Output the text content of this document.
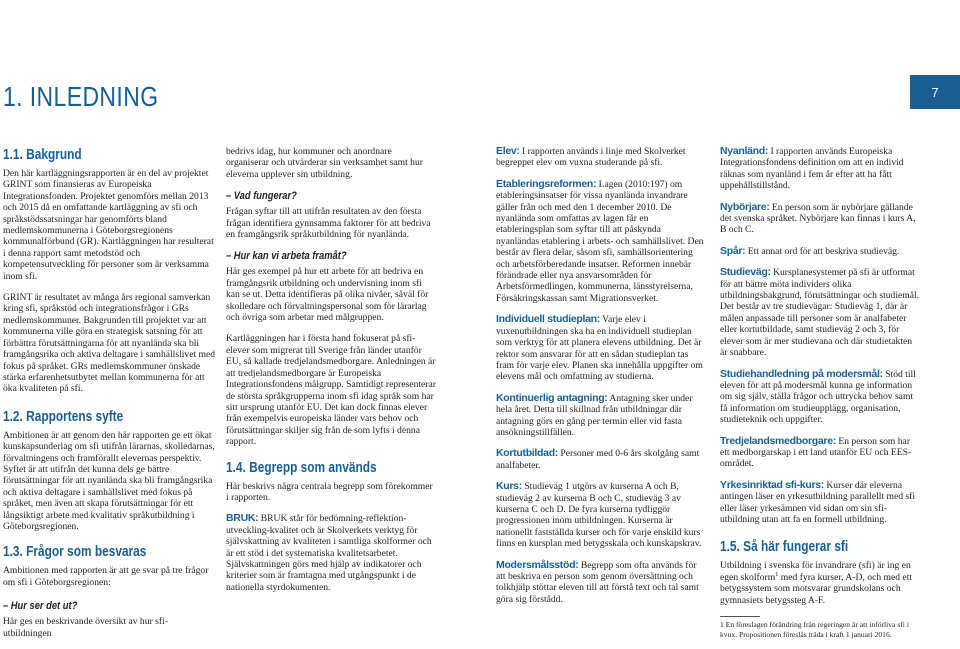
1. INLEDNING	7
1.1. Bakgrund

Den här kartläggningsrapporten är en del av projektet GRINT som finansieras av Europeiska Integrationsfonden. Projektet genomförs mellan 2013 och 2015 då en omfattande kartläggning av sfi och språkstödssatsningar har genomförts bland medlemskommunerna i Göteborgsregionens kommunalförbund (GR). Kartläggningen har resulterat i denna rapport samt metodstöd och kompetensutveckling för personer som är verksamma inom sfi.

GRINT är resultatet av många års regional samverkan kring sfi, språkstöd och integrationsfrågor i GRs medlemskommuner. Bakgrunden till projektet var att kommunerna ville göra en strategisk satsning för att förbättra förutsättningarna för att nyanlända ska bli framgångsrika och aktiva deltagare i samhällslivet med fokus på språket. GRs medlemskommuner önskade stärka erfarenhetsutbytet mellan kommunerna för att öka kvaliteten på sfi.

1.2. Rapportens syfte

Ambitionen är att genom den här rapporten ge ett ökat kunskapsunderlag om sfi utifrån lärarnas, skolledarnas, förvaltningens och framförallt elevernas perspektiv. Syftet är att utifrån det kunna dels ge bättre förutsättningar för att nyanlända ska bli framgångsrika och aktiva deltagare i samhällslivet med fokus på språket, men även att skapa förutsättningar för ett långsiktigt arbete med kvalitativ språkutbildning i Göteborgsregionen.

1.3. Frågor som besvaras

Ambitionen med rapporten är att ge svar på tre frågor om sfi i Göteborgsregionen:

– Hur ser det ut?

Här ges en beskrivande översikt av hur sfi-utbildningen

bedrivs idag, hur kommuner och anordnare organiserar och utvärderar sin verksamhet samt hur eleverna upplever sin utbildning.

– Vad fungerar?

Frågan syftar till att utifrån resultaten av den första frågan identifiera gynnsamma faktorer för att bedriva en framgångsrik språkutbildning för nyanlända.

– Hur kan vi arbeta framåt?

Här ges exempel på hur ett arbete för att bedriva en framgångsrik utbildning och undervisning inom sfi kan se ut. Detta identifieras på olika nivåer, såväl för skolledare och förvaltningspersonal som för lärarlag och övriga som arbetar med målgruppen.

Kartläggningen har i första hand fokuserat på sfi-elever som migrerat till Sverige från länder utanför EU, så kallade tredjelandsmedborgare. Anledningen är att tredjelandsmedborgare är Europeiska Integrationsfondens målgrupp. Samtidigt representerar de största språkgrupperna inom sfi idag språk som har sitt ursprung utanför EU. Det kan dock finnas elever från exempelvis europeiska länder vars behov och förutsättningar skiljer sig från de som lyfts i denna rapport.

1.4. Begrepp som används

Här beskrivs några centrala begrepp som förekommer i rapporten.

BRUK: BRUK står för bedömning-reflektion-utveckling-kvalitet och är Skolverkets verktyg för självskattning av kvaliteten i samtliga skolformer och är ett stöd i det systematiska kvalitetsarbetet. Självskattningen görs med hjälp av indikatorer och kriterier som är framtagna med utgångspunkt i de nationella styrdokumenten.

Elev: I rapporten används i linje med Skolverket begreppet elev om vuxna studerande på sfi.

Etableringsreformen: Lagen (2010:197) om etableringsinsatser för vissa nyanlända invandrare gäller från och med den 1 december 2010. De nyanlända som omfattas av lagen får en etableringsplan som syftar till att påskynda nyanländas etablering i arbets- och samhällslivet. Den består av flera delar, såsom sfi, samhällsorientering och arbetsförberedande insatser. Reformen innebär förändrade eller nya ansvarsområden för Arbetsförmedlingen, kommunerna, länsstyrelserna, Försäkringskassan samt Migrationsverket.

Individuell studieplan: Varje elev i vuxenutbildningen ska ha en individuell studieplan som verktyg för att planera elevens utbildning. Det är rektor som ansvarar för att en sådan studieplan tas fram för varje elev. Planen ska innehålla uppgifter om elevens mål och omfattning av studierna.

Kontinuerlig antagning: Antagning sker under hela året. Detta till skillnad från utbildningar där antagning görs en gång per termin eller vid fasta ansökningstillfällen.

Kortutbildad: Personer med 0-6 års skolgång samt analfabeter.

Kurs: Studieväg 1 utgörs av kurserna A och B, studieväg 2 av kurserna B och C, studieväg 3 av kurserna C och D. De fyra kurserna tydliggör progressionen inom utbildningen. Kurserna är nationellt fastställda kurser och för varje enskild kurs finns en kursplan med betygsskala och kunskapskrav.

Modersmålsstöd: Begrepp som ofta används för att beskriva en person som genom översättning och tolkhjälp stöttar eleven till att förstå text och tal samt göra sig förstådd.

Nyanländ: I rapporten används Europeiska Integrationsfondens definition om att en individ räknas som nyanländ i fem år efter att ha fått uppehållstillstånd.

Nybörjare: En person som är nybörjare gällande det svenska språket. Nybörjare kan finnas i kurs A, B och C.

Spår: Ett annat ord för att beskriva studieväg.

Studieväg: Kursplanesystemet på sfi är utformat för att bättre möta individers olika utbildningsbakgrund, förutsättningar och studiemål. Det består av tre studievägar: Studieväg 1, där är målen anpassade till personer som är analfabeter eller kortutbildade, samt studieväg 2 och 3, för elever som är mer studievana och där studietakten är snabbare.

Studiehandledning på modersmål: Stöd till eleven för att på modersmål kunna ge information om sig själv, ställa frågor och uttrycka behov samt få information om studieupplägg, organisation, studieteknik och uppgifter.

Tredjelandsmedborgare: En person som har ett medborgarskap i ett land utanför EU och EES-området.

Yrkesinriktad sfi-kurs: Kurser där eleverna antingen läser en yrkesutbildning parallellt med sfi eller läser yrkesämnen vid sidan om sin sfi-utbildning utan att fa en formell utbildning.

1.5. Så här fungerar sfi

Utbildning i svenska för invandrare (sfi) är ing en egen skolform$^1$ med fyra kurser, A-D, och med ett betygssystem som motsvarar grundskolans och gymnasiets betygssteg A-F.

1 En föreslagen förändring från regeringen är att införliva sfi i kvux. Propositionen föreslås träda i kraft 1 januari 2016.
